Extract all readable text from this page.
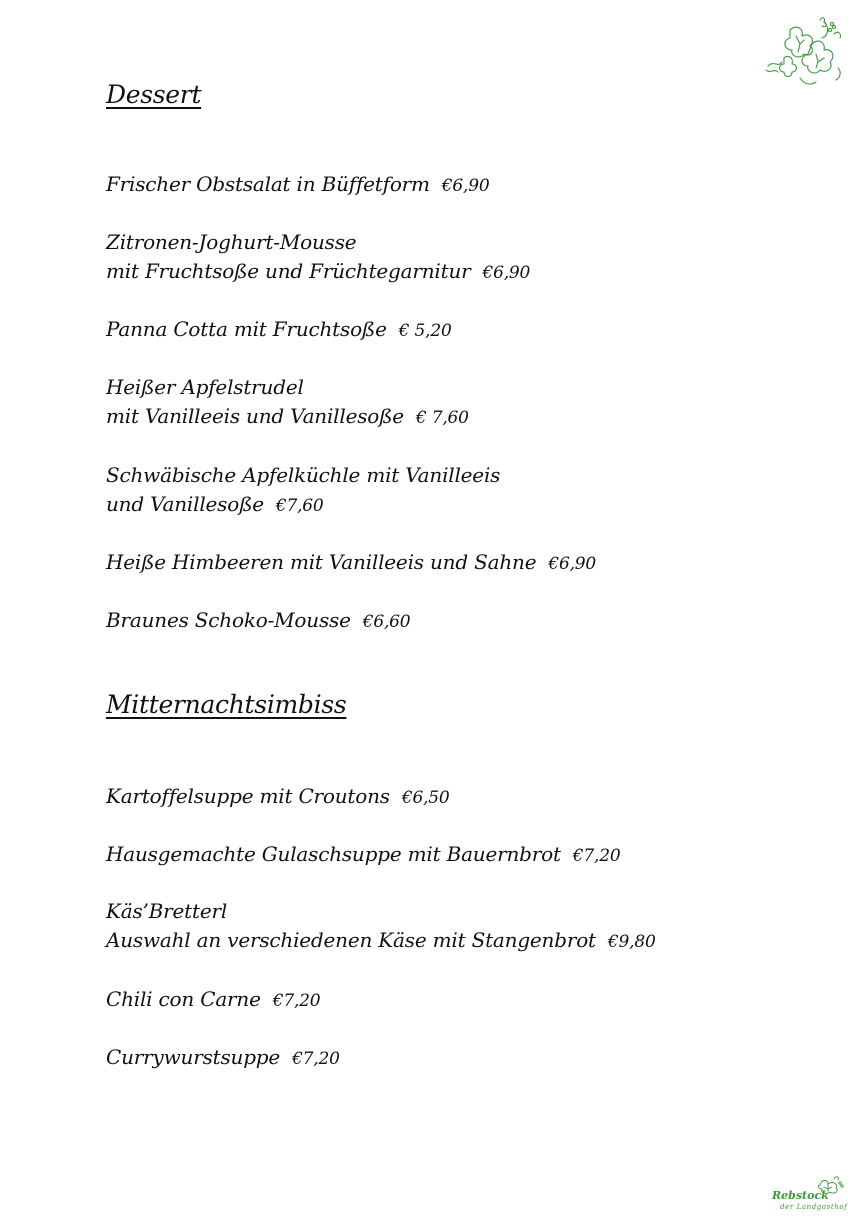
Dessert
Frischer Obstsalat in Büffetform €6,90
Zitronen-Joghurt-Mousse
mit Fruchtsoße und Früchtegarnitur €6,90
Panna Cotta mit Fruchtsoße € 5,20
Heißer Apfelstrudel
mit Vanilleeis und Vanillesoße € 7,60
Schwäbische Apfelküchle mit Vanilleeis
und Vanillesoße €7,60
Heiße Himbeeren mit Vanilleeis und Sahne €6,90
Braunes Schoko-Mousse €6,60
Mitternachtsimbiss
Kartoffelsuppe mit Croutons €6,50
Hausgemachte Gulaschsuppe mit Bauernbrot €7,20
Käs’Bretterl
Auswahl an verschiedenen Käse mit Stangenbrot €9,80
Chili con Carne €7,20
Currywurstsuppe €7,20
Rebstock
der Landgasthof
